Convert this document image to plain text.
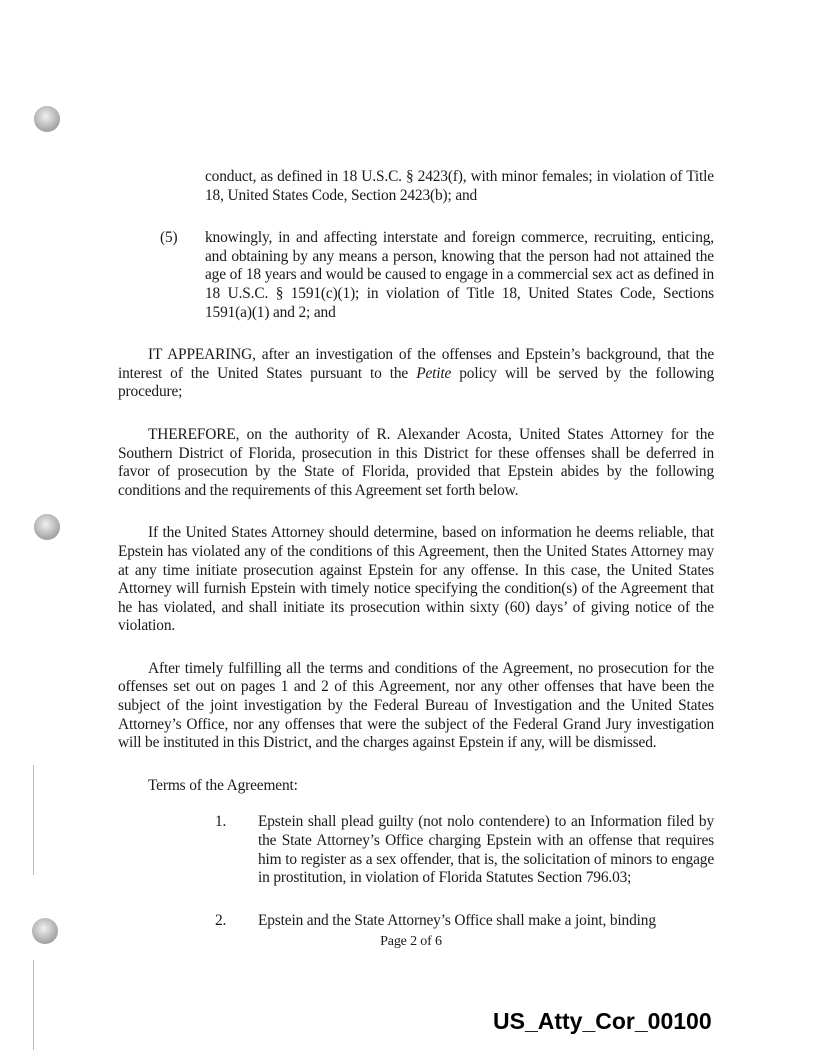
conduct, as defined in 18 U.S.C. § 2423(f), with minor females; in violation of Title 18, United States Code, Section 2423(b); and
(5)	knowingly, in and affecting interstate and foreign commerce, recruiting, enticing, and obtaining by any means a person, knowing that the person had not attained the age of 18 years and would be caused to engage in a commercial sex act as defined in 18 U.S.C. § 1591(c)(1); in violation of Title 18, United States Code, Sections 1591(a)(1) and 2; and
IT APPEARING, after an investigation of the offenses and Epstein’s background, that the interest of the United States pursuant to the Petite policy will be served by the following procedure;
THEREFORE, on the authority of R. Alexander Acosta, United States Attorney for the Southern District of Florida, prosecution in this District for these offenses shall be deferred in favor of prosecution by the State of Florida, provided that Epstein abides by the following conditions and the requirements of this Agreement set forth below.
If the United States Attorney should determine, based on information he deems reliable, that Epstein has violated any of the conditions of this Agreement, then the United States Attorney may at any time initiate prosecution against Epstein for any offense. In this case, the United States Attorney will furnish Epstein with timely notice specifying the condition(s) of the Agreement that he has violated, and shall initiate its prosecution within sixty (60) days’ of giving notice of the violation.
After timely fulfilling all the terms and conditions of the Agreement, no prosecution for the offenses set out on pages 1 and 2 of this Agreement, nor any other offenses that have been the subject of the joint investigation by the Federal Bureau of Investigation and the United States Attorney’s Office, nor any offenses that were the subject of the Federal Grand Jury investigation will be instituted in this District, and the charges against Epstein if any, will be dismissed.
Terms of the Agreement:
1.	Epstein shall plead guilty (not nolo contendere) to an Information filed by the State Attorney’s Office charging Epstein with an offense that requires him to register as a sex offender, that is, the solicitation of minors to engage in prostitution, in violation of Florida Statutes Section 796.03;
2.	Epstein and the State Attorney’s Office shall make a joint, binding
Page 2 of 6
US_Atty_Cor_00100
